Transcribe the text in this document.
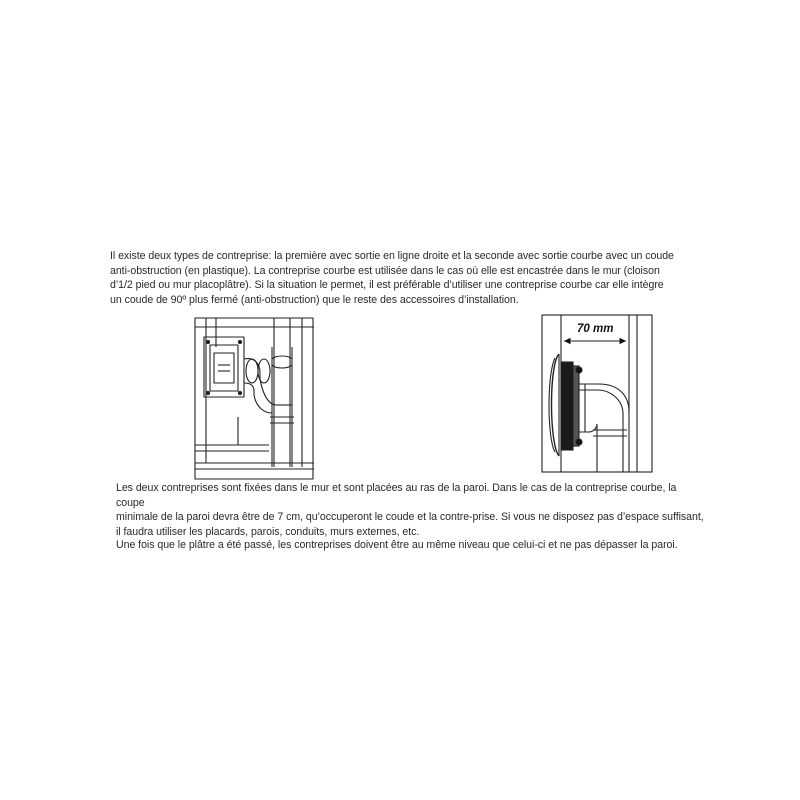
Il existe deux types de contreprise: la première avec sortie en ligne droite et la seconde avec sortie courbe avec un coude
anti-obstruction (en plastique). La contreprise courbe est utilisée dans le cas où elle est encastrée dans le mur (cloison
d’1/2 pied ou mur placoplâtre). Si la situation le permet, il est préférable d’utiliser une contreprise courbe car elle intègre
un coude de 90º plus fermé (anti-obstruction) que le reste des accessoires d’installation.
70 mm
Les deux contreprises sont fixées dans le mur et sont placées au ras de la paroi. Dans le cas de la contreprise courbe, la coupe
minimale de la paroi devra être de 7 cm, qu’occuperont le coude et la contre-prise. Si vous ne disposez pas d’espace suffisant,
il faudra utiliser les placards, parois, conduits, murs externes, etc.
Une fois que le plâtre a été passé, les contreprises doivent être au même niveau que celui-ci et ne pas dépasser la paroi.
